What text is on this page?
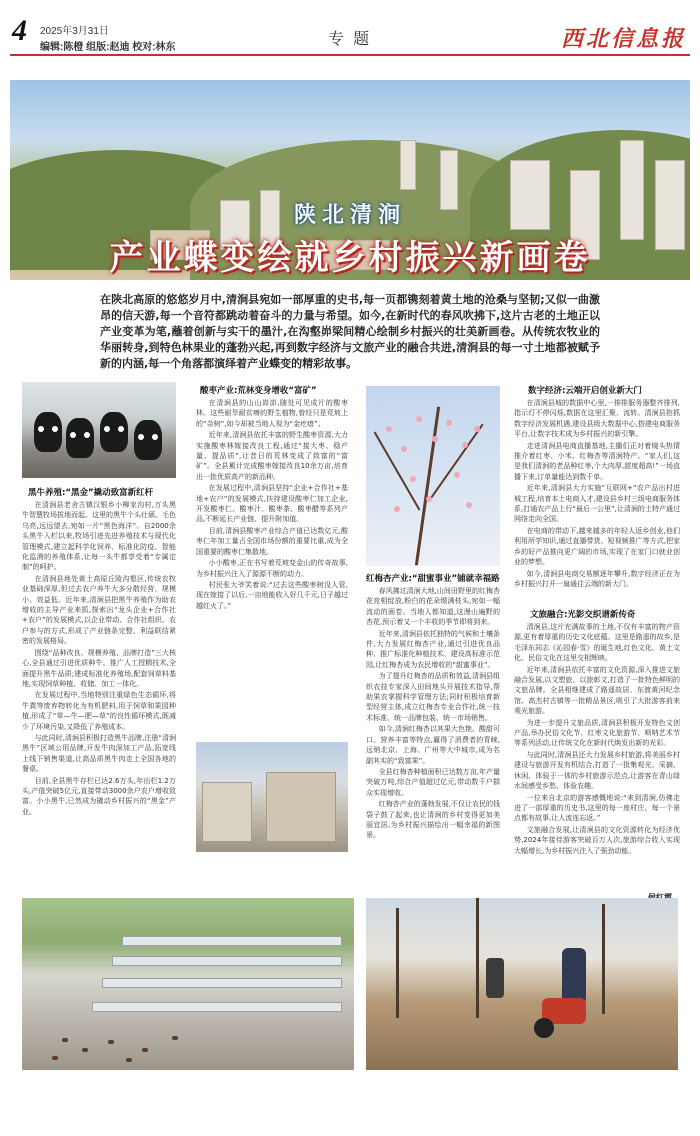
4 2025年3月31日
编辑:陈橙 组版:赵迪 校对:林东	专 题	西北信息报
陕北清涧
产业蝶变绘就乡村振兴新画卷
在陕北高原的悠悠岁月中,清涧县宛如一部厚重的史书,每一页都镌刻着黄土地的沧桑与坚韧;又似一曲激昂的信天游,每一个音符都跳动着奋斗的力量与希望。如今,在新时代的春风吹拂下,这片古老的土地正以产业变革为笔,蘸着创新与实干的墨汁,在沟壑峁梁间精心绘制乡村振兴的壮美新画卷。从传统农牧业的华丽转身,到特色林果业的蓬勃兴起,再到数字经济与文旅产业的融合共进,清涧县的每一寸土地都被赋予新的内涵,每一个角落都演绎着产业蝶变的精彩故事。
黑牛养殖:“黑金”撬动致富新红杆

在清涧县老舍古镇汉银乡小柳家沟村,万头黑牛智慧牧场拔地而起。这里的黑牛个头壮硕、毛色乌亮,远远望去,宛如一片“黑色海洋”。自2000余头黑牛入栏以来,牧场引进先进养殖技术与现代化管理模式,建立起科学化饲养、标准化防疫、智能化监测的养殖体系,让每一头牛都享受着“专属定制”的呵护。

在清涧县地处黄土高原丘陵沟壑区,传统农牧业基础深厚,但过去农户养牛大多分散经营、规模小、效益低。近年来,清涧县把黑牛养殖作为助农增收的主导产业来抓,探索出“龙头企业+合作社+农户”的发展模式,以企业带动、合作社组织、农户参与的方式,形成了产业链条完整、利益联结紧密的发展格局。

围绕“品种改良、规模养殖、品牌打造”三大核心,全县通过引进优质种牛、推广人工授精技术,全面提升黑牛品质;建成标准化养殖场,配套饲草料基地,实现饲草种植、收储、加工一体化。

在发展过程中,当地特别注重绿色生态循环,将牛粪等废弃物转化为有机肥料,用于饲草和果园种植,形成了“草—牛—肥—草”的良性循环模式,既减少了环境污染,又降低了养殖成本。

与此同时,清涧县积极打造黑牛品牌,注册“清涧黑牛”区域公用品牌,开发牛肉深加工产品,拓宽线上线下销售渠道,让高品质黑牛肉走上全国各地的餐桌。

目前,全县黑牛存栏已达2.6万头,年出栏1.2万头,产值突破5亿元,直接带动3000余户农户增收致富。小小黑牛,已然成为撬动乡村振兴的“黑金”产业。

酸枣产业:荒林变身增收“富矿”

在清涧县的山山峁峁,随处可见成片的酸枣林。这些耐旱耐贫瘠的野生植物,曾经只是荒坡上的“杂树”,如今却被当地人视为“金疙瘩”。

近年来,清涧县依托丰富的野生酸枣资源,大力实施酸枣林嫁接改良工程,通过“接大枣、稳产量、提品质”,让昔日的荒林变成了致富的“富矿”。全县累计完成酸枣嫁接改良10余万亩,培育出一批优质高产的新品种。

在发展过程中,清涧县坚持“企业+合作社+基地+农户”的发展模式,扶持建设酸枣仁加工企业,开发酸枣仁、酸枣汁、酸枣茶、酸枣醋等系列产品,不断延长产业链、提升附加值。

目前,清涧县酸枣产业综合产值已达数亿元,酸枣仁年加工量占全国市场份额的重要比重,成为全国重要的酸枣仁集散地。

小小酸枣,正在书写着荒坡变金山的传奇故事,为乡村振兴注入了源源不断的动力。

村民张大爷笑着说:“过去这些酸枣树没人管,现在嫁接了以后,一亩地能收入好几千元,日子越过越红火了。”

红梅杏产业:“甜蜜事业”铺就幸福路

春风拂过清涧大地,山间田野里的红梅杏花竞相绽放,粉白的花朵缀满枝头,宛如一幅流动的画卷。当地人都知道,这漫山遍野的杏花,预示着又一个丰收的季节即将到来。

近年来,清涧县依托独特的气候和土壤条件,大力发展红梅杏产业,通过引进优良品种、推广标准化种植技术、建设高标准示范园,让红梅杏成为农民增收的“甜蜜事业”。

为了提升红梅杏的品质和效益,清涧县组织农技专家深入田间地头开展技术指导,帮助果农掌握科学管理方法;同时积极培育新型经营主体,成立红梅杏专业合作社,统一技术标准、统一品牌包装、统一市场销售。

如今,清涧红梅杏以其果大色艳、酸甜可口、营养丰富等特点,赢得了消费者的青睐,远销北京、上海、广州等大中城市,成为名副其实的“致富果”。

全县红梅杏种植面积已达数万亩,年产量突破万吨,综合产值超过亿元,带动数千户群众实现增收。

红梅杏产业的蓬勃发展,不仅让农民的钱袋子鼓了起来,也让清涧的乡村变得更加美丽宜居,为乡村振兴描绘出一幅幸福的新图景。

数字经济:云端开启创业新大门

在清涧县城的数据中心里,一排排服务器整齐排列,指示灯不停闪烁,数据在这里汇聚、流转。清涧县抢抓数字经济发展机遇,建设县级大数据中心,搭建电商服务平台,让数字技术成为乡村振兴的新引擎。

走进清涧县电商直播基地,主播们正对着镜头热情推介着红枣、小米、红梅杏等清涧特产。“家人们,这是我们清涧的老品种红枣,个大肉厚,甜度超高!”一场直播下来,订单量能达到数千单。

近年来,清涧县大力实施“互联网+”农产品出村进城工程,培育本土电商人才,建设县乡村三级电商服务体系,打通农产品上行“最后一公里”,让清涧的土特产通过网络走向全国。

在电商的带动下,越来越多的年轻人返乡创业,他们利用所学知识,通过直播带货、短视频推广等方式,把家乡的好产品推向更广阔的市场,实现了在家门口就业创业的梦想。

如今,清涧县电商交易额逐年攀升,数字经济正在为乡村振兴打开一扇通往云端的新大门。

文旅融合:光影交织谱新传奇

清涧县,这片充满故事的土地,不仅有丰富的物产资源,更有着厚重的历史文化底蕴。这里是路遥的故乡,是毛泽东同志《沁园春·雪》的诞生地,红色文化、黄土文化、民俗文化在这里交相辉映。

近年来,清涧县依托丰富的文化资源,深入推进文旅融合发展,以文塑旅、以旅彰文,打造了一批特色鲜明的文旅品牌。全县相继建成了路遥故居、东渡黄河纪念馆、高杰村古镇等一批精品景区,吸引了大批游客前来观光旅游。

为进一步提升文旅品质,清涧县积极开发特色文创产品,举办民俗文化节、红枣文化旅游节、唢呐艺术节等系列活动,让传统文化在新时代焕发出新的光彩。

与此同时,清涧县还大力发展乡村旅游,将美丽乡村建设与旅游开发有机结合,打造了一批集观光、采摘、休闲、体验于一体的乡村旅游示范点,让游客在青山绿水间感受乡愁、体验农趣。

一位来自北京的游客感慨地说:“来到清涧,仿佛走进了一部厚重的历史书,这里的每一座村庄、每一个景点都有故事,让人流连忘返。”

文旅融合发展,让清涧县的文化资源转化为经济优势,2024年接待游客突破百万人次,旅游综合收入实现大幅增长,为乡村振兴注入了强劲动能。
